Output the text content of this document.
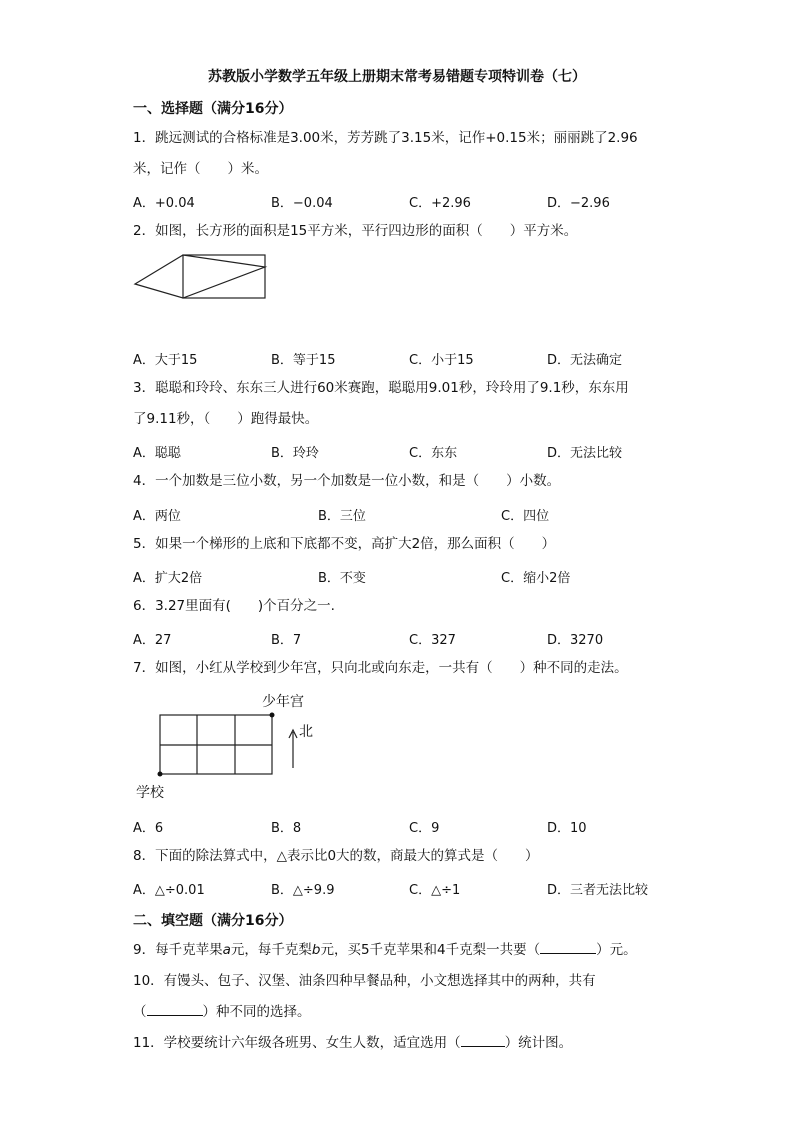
苏教版小学数学五年级上册期末常考易错题专项特训卷（七）
一、选择题（满分16分）
1．跳远测试的合格标准是3.00米，芳芳跳了3.15米，记作+0.15米；丽丽跳了2.96
米，记作（　　）米。
A．+0.04	B．−0.04	C．+2.96	D．−2.96
2．如图，长方形的面积是15平方米，平行四边形的面积（　　）平方米。
A．大于15	B．等于15	C．小于15	D．无法确定
3．聪聪和玲玲、东东三人进行60米赛跑，聪聪用9.01秒，玲玲用了9.1秒，东东用
了9.11秒，（　　）跑得最快。
A．聪聪	B．玲玲	C．东东	D．无法比较
4．一个加数是三位小数，另一个加数是一位小数，和是（　　）小数。
A．两位	B．三位	C．四位
5．如果一个梯形的上底和下底都不变，高扩大2倍，那么面积（　　）
A．扩大2倍	B．不变	C．缩小2倍
6．3.27里面有(　　)个百分之一.
A．27	B．7	C．327	D．3270
7．如图，小红从学校到少年宫，只向北或向东走，一共有（　　）种不同的走法。
少年宫
北
学校
A．6	B．8	C．9	D．10
8．下面的除法算式中，△表示比0大的数，商最大的算式是（　　）
A．△÷0.01	B．△÷9.9	C．△÷1	D．三者无法比较
二、填空题（满分16分）
9．每千克苹果a元，每千克梨b元，买5千克苹果和4千克梨一共要（	）元。
10．有馒头、包子、汉堡、油条四种早餐品种，小文想选择其中的两种，共有
（	）种不同的选择。
11．学校要统计六年级各班男、女生人数，适宜选用（	）统计图。
